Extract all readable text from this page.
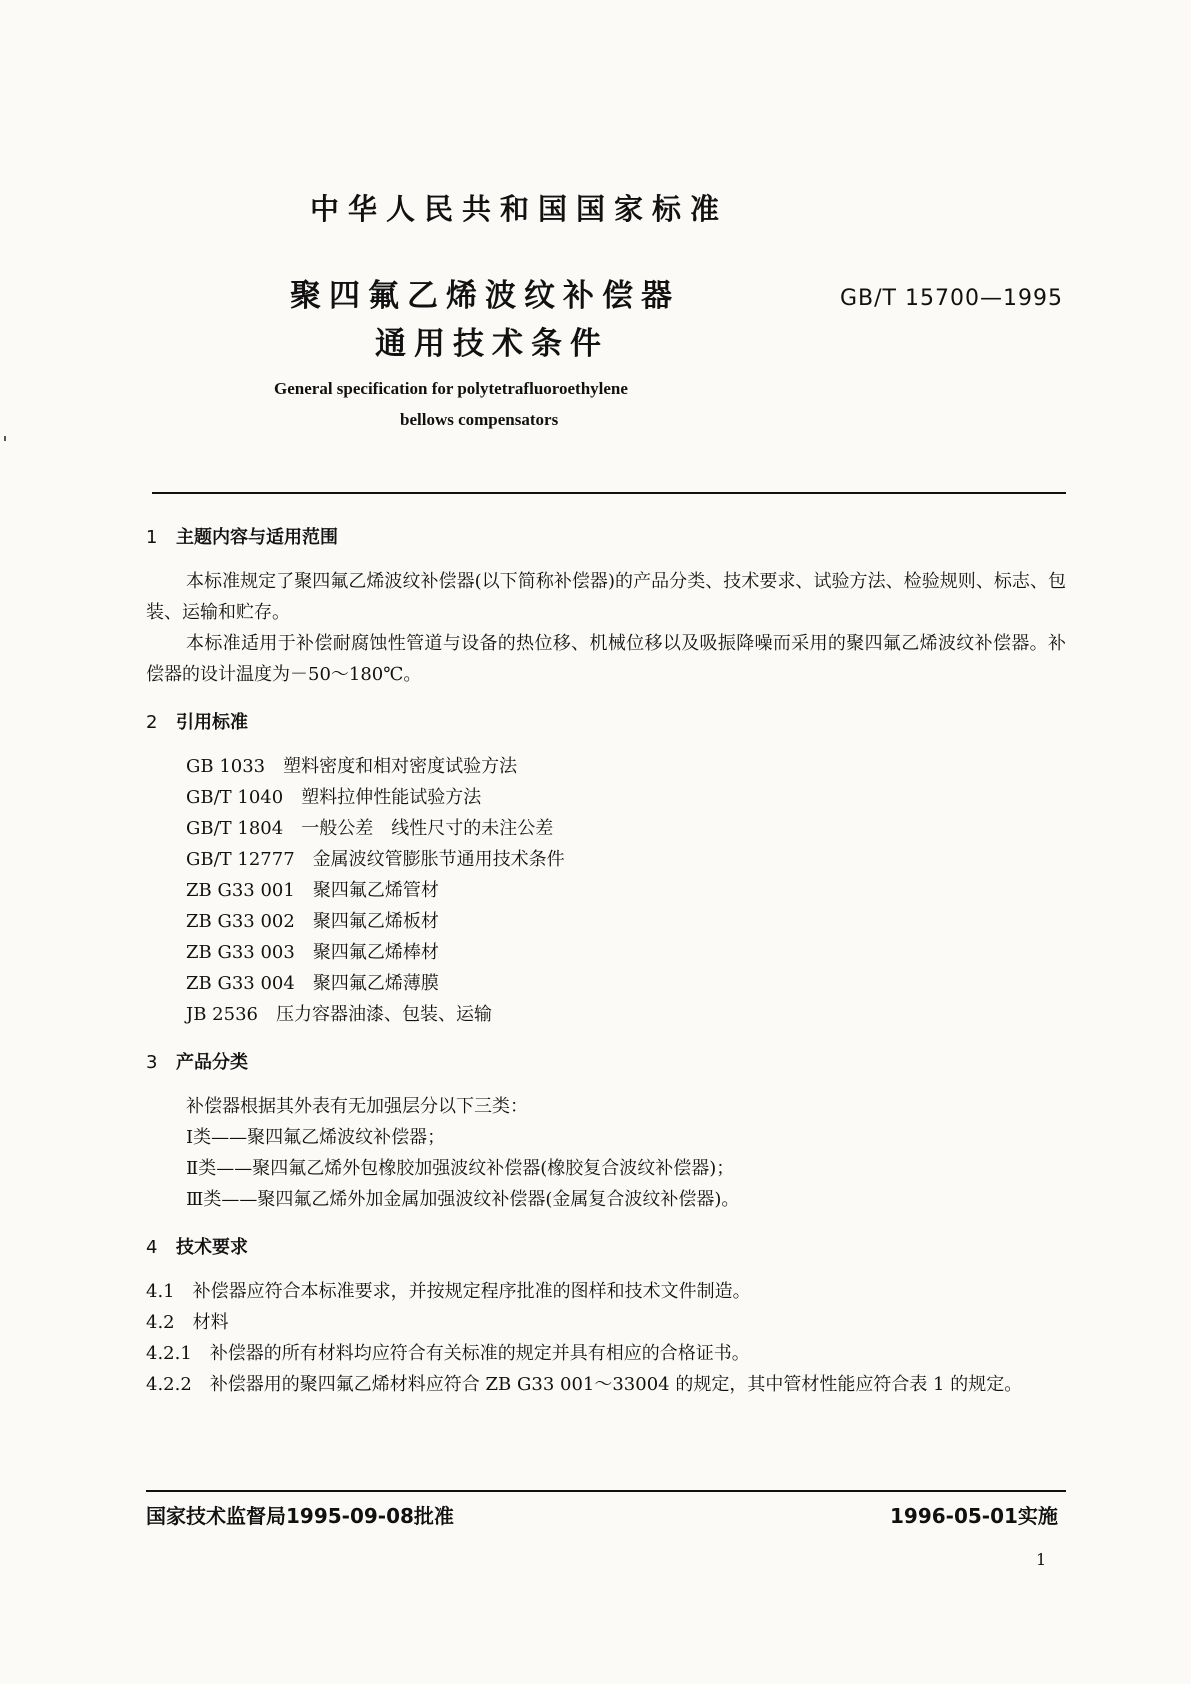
中华人民共和国国家标准
聚四氟乙烯波纹补偿器
通用技术条件
GB/T 15700—1995
General specification for polytetrafluoroethylene
bellows compensators
1 主题内容与适用范围

本标准规定了聚四氟乙烯波纹补偿器(以下简称补偿器)的产品分类、技术要求、试验方法、检验规则、标志、包装、运输和贮存。

本标准适用于补偿耐腐蚀性管道与设备的热位移、机械位移以及吸振降噪而采用的聚四氟乙烯波纹补偿器。补偿器的设计温度为－50～180℃。

2 引用标准
GB 1033　 塑料密度和相对密度试验方法
GB/T 1040　 塑料拉伸性能试验方法
GB/T 1804　 一般公差　线性尺寸的未注公差
GB/T 12777　 金属波纹管膨胀节通用技术条件
ZB G33 001　 聚四氟乙烯管材
ZB G33 002　 聚四氟乙烯板材
ZB G33 003　 聚四氟乙烯棒材
ZB G33 004　 聚四氟乙烯薄膜
JB 2536　 压力容器油漆、包装、运输
3 产品分类
补偿器根据其外表有无加强层分以下三类：
Ⅰ类——聚四氟乙烯波纹补偿器；
Ⅱ类——聚四氟乙烯外包橡胶加强波纹补偿器(橡胶复合波纹补偿器)；
Ⅲ类——聚四氟乙烯外加金属加强波纹补偿器(金属复合波纹补偿器)。
4 技术要求
4.1　 补偿器应符合本标准要求，并按规定程序批准的图样和技术文件制造。
4.2　 材料
4.2.1　 补偿器的所有材料均应符合有关标准的规定并具有相应的合格证书。
4.2.2　 补偿器用的聚四氟乙烯材料应符合 ZB G33 001～33004 的规定，其中管材性能应符合表 1 的规定。
国家技术监督局1995-09-08批准	1996-05-01实施
1
